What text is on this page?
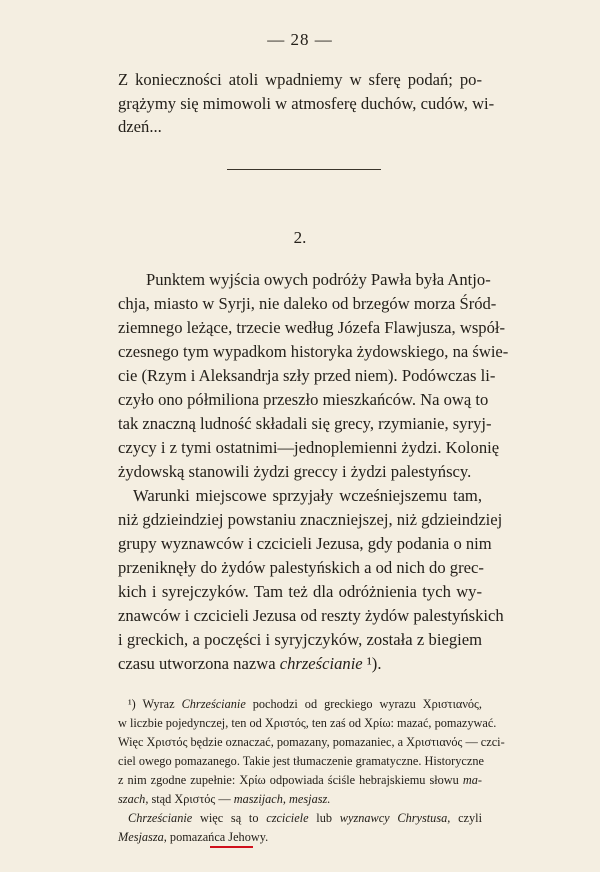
— 28 —
Z konieczności atoli wpadniemy w sferę podań; po-
grążymy się mimowoli w atmosferę duchów, cudów, wi-
dzeń...
2.
Punktem wyjścia owych podróży Pawła była Antjo-
chja, miasto w Syrji, nie daleko od brzegów morza Śród-
ziemnego leżące, trzecie według Józefa Flawjusza, współ-
czesnego tym wypadkom historyka żydowskiego, na świe-
cie (Rzym i Aleksandrja szły przed niem). Podówczas li-
czyło ono półmiliona przeszło mieszkańców. Na ową to
tak znaczną ludność składali się grecy, rzymianie, syryj-
czycy i z tymi ostatnimi—jednoplemienni żydzi. Kolonię
żydowską stanowili żydzi greccy i żydzi palestyńscy.
Warunki miejscowe sprzyjały wcześniejszemu tam,
niż gdzieindziej powstaniu znaczniejszej, niż gdzieindziej
grupy wyznawców i czcicieli Jezusa, gdy podania o nim
przeniknęły do żydów palestyńskich a od nich do grec-
kich i syrejczyków. Tam też dla odróżnienia tych wy-
znawców i czcicieli Jezusa od reszty żydów palestyńskich
i greckich, a poczęści i syryjczyków, została z biegiem
czasu utworzona nazwa chrześcianie ¹).
¹) Wyraz Chrześcianie pochodzi od greckiego wyrazu Χριστιανός,
w liczbie pojedynczej, ten od Χριστός, ten zaś od Χρίω: mazać, pomazywać.
Więc Χριστός będzie oznaczać, pomazany, pomazaniec, a Χριστιανός — czci-
ciel owego pomazanego. Takie jest tłumaczenie gramatyczne. Historyczne
z nim zgodne zupełnie: Χρίω odpowiada ściśle hebrajskiemu słowu ma-
szach, stąd Χριστός — maszijach, mesjasz.
Chrześcianie więc są to czciciele lub wyznawcy Chrystusa, czyli
Mesjasza, pomazańca Jehowy.
